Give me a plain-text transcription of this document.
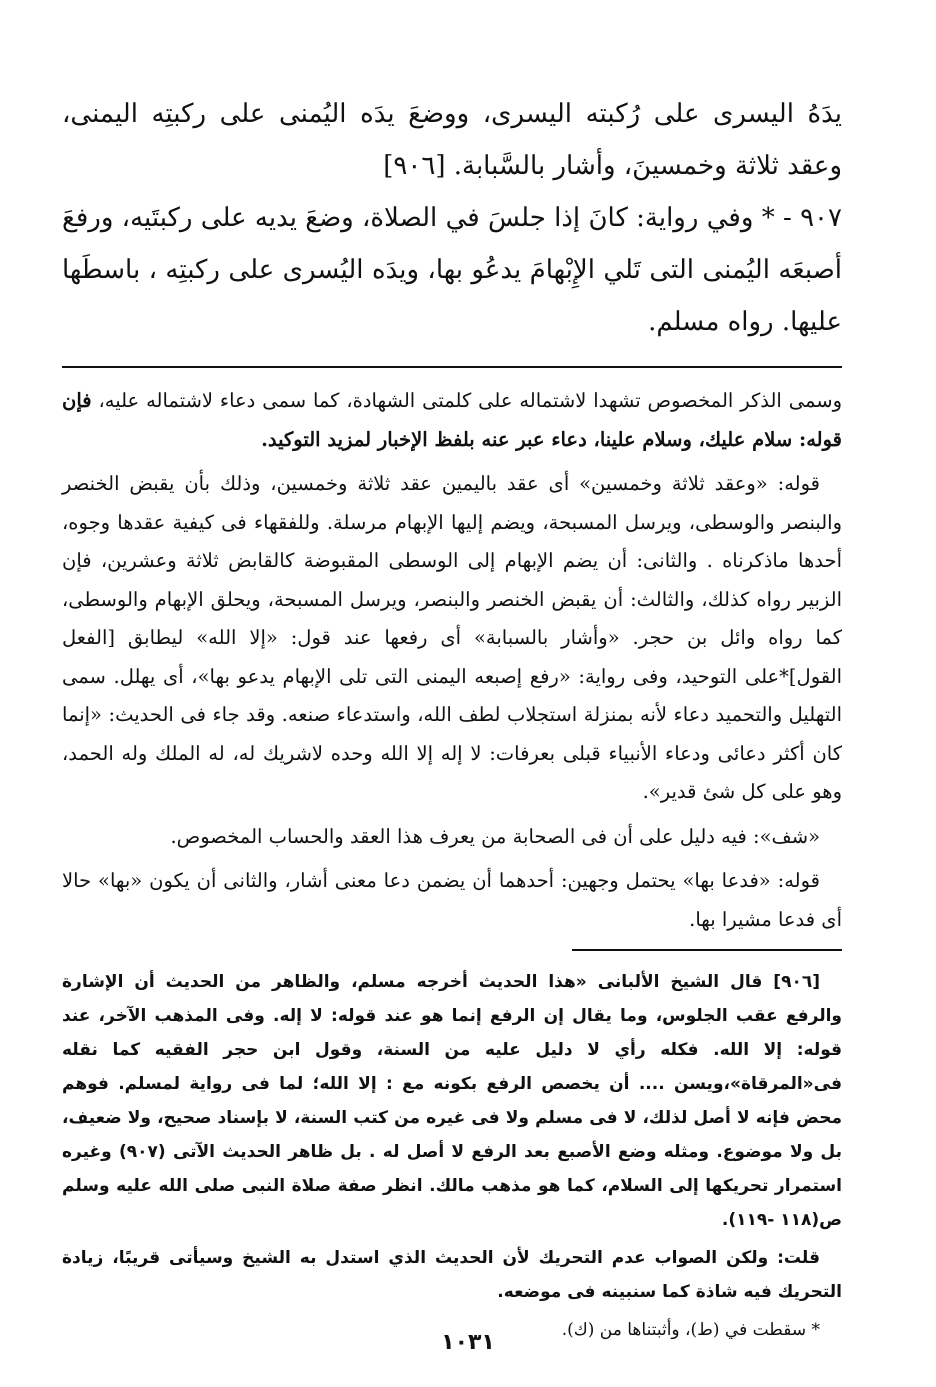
يدَهُ اليسرى على رُكبته اليسرى، ووضعَ يدَه اليُمنى على ركبتِه اليمنى، وعقد ثلاثة وخمسينَ، وأشار بالسَّبابة. [٩٠٦]

٩٠٧ - * وفي رواية: كانَ إذا جلسَ في الصلاة، وضعَ يديه على ركبتَيه، ورفعَ أصبعَه اليُمنى التى تَلي الإِبْهامَ يدعُو بها، ويدَه اليُسرى على ركبتِه ، باسطَها عليها. رواه مسلم.

وسمى الذكر المخصوص تشهدا لاشتماله على كلمتى الشهادة، كما سمى دعاء لاشتماله عليه، فإن قوله: سلام عليك، وسلام علينا، دعاء عبر عنه بلفظ الإخبار لمزيد التوكيد.

قوله: «وعقد ثلاثة وخمسين» أى عقد باليمين عقد ثلاثة وخمسين، وذلك بأن يقبض الخنصر والبنصر والوسطى، ويرسل المسبحة، ويضم إليها الإبهام مرسلة. وللفقهاء فى كيفية عقدها وجوه، أحدها ماذكرناه . والثانى: أن يضم الإبهام إلى الوسطى المقبوضة كالقابض ثلاثة وعشرين، فإن الزبير رواه كذلك، والثالث: أن يقبض الخنصر والبنصر، ويرسل المسبحة، ويحلق الإبهام والوسطى، كما رواه وائل بن حجر. «وأشار بالسبابة» أى رفعها عند قول: «إلا الله» ليطابق [الفعل القول]*على التوحيد، وفى رواية: «رفع إصبعه اليمنى التى تلى الإبهام يدعو بها»، أى يهلل. سمى التهليل والتحميد دعاء لأنه بمنزلة استجلاب لطف الله، واستدعاء صنعه. وقد جاء فى الحديث: «إنما كان أكثر دعائى ودعاء الأنبياء قبلى بعرفات: لا إله إلا الله وحده لاشريك له، له الملك وله الحمد، وهو على كل شئ قدير».

«شف»: فيه دليل على أن فى الصحابة من يعرف هذا العقد والحساب المخصوص.

قوله: «فدعا بها» يحتمل وجهين: أحدهما أن يضمن دعا معنى أشار، والثانى أن يكون «بها» حالا أى فدعا مشيرا بها.

[٩٠٦] قال الشيخ الألبانى «هذا الحديث أخرجه مسلم، والظاهر من الحديث أن الإشارة والرفع عقب الجلوس، وما يقال إن الرفع إنما هو عند قوله: لا إله. وفى المذهب الآخر، عند قوله: إلا الله. فكله رأي لا دليل عليه من السنة، وقول ابن حجر الفقيه كما نقله فى«المرقاة»،ويسن .... أن يخصص الرفع بكونه مع : إلا الله؛ لما فى رواية لمسلم. فوهم محض فإنه لا أصل لذلك، لا فى مسلم ولا فى غيره من كتب السنة، لا بإسناد صحيح، ولا ضعيف، بل ولا موضوع. ومثله وضع الأصبع بعد الرفع لا أصل له . بل ظاهر الحديث الآتى (٩٠٧) وغيره استمرار تحريكها إلى السلام، كما هو مذهب مالك. انظر صفة صلاة النبى صلى الله عليه وسلم ص(١١٨ -١١٩).

قلت: ولكن الصواب عدم التحريك لأن الحديث الذي استدل به الشيخ وسيأتى قريبًا، زيادة التحريك فيه شاذة كما سنبينه فى موضعه.

* سقطت في (ط)، وأثبتناها من (ك).

١٠٣١
